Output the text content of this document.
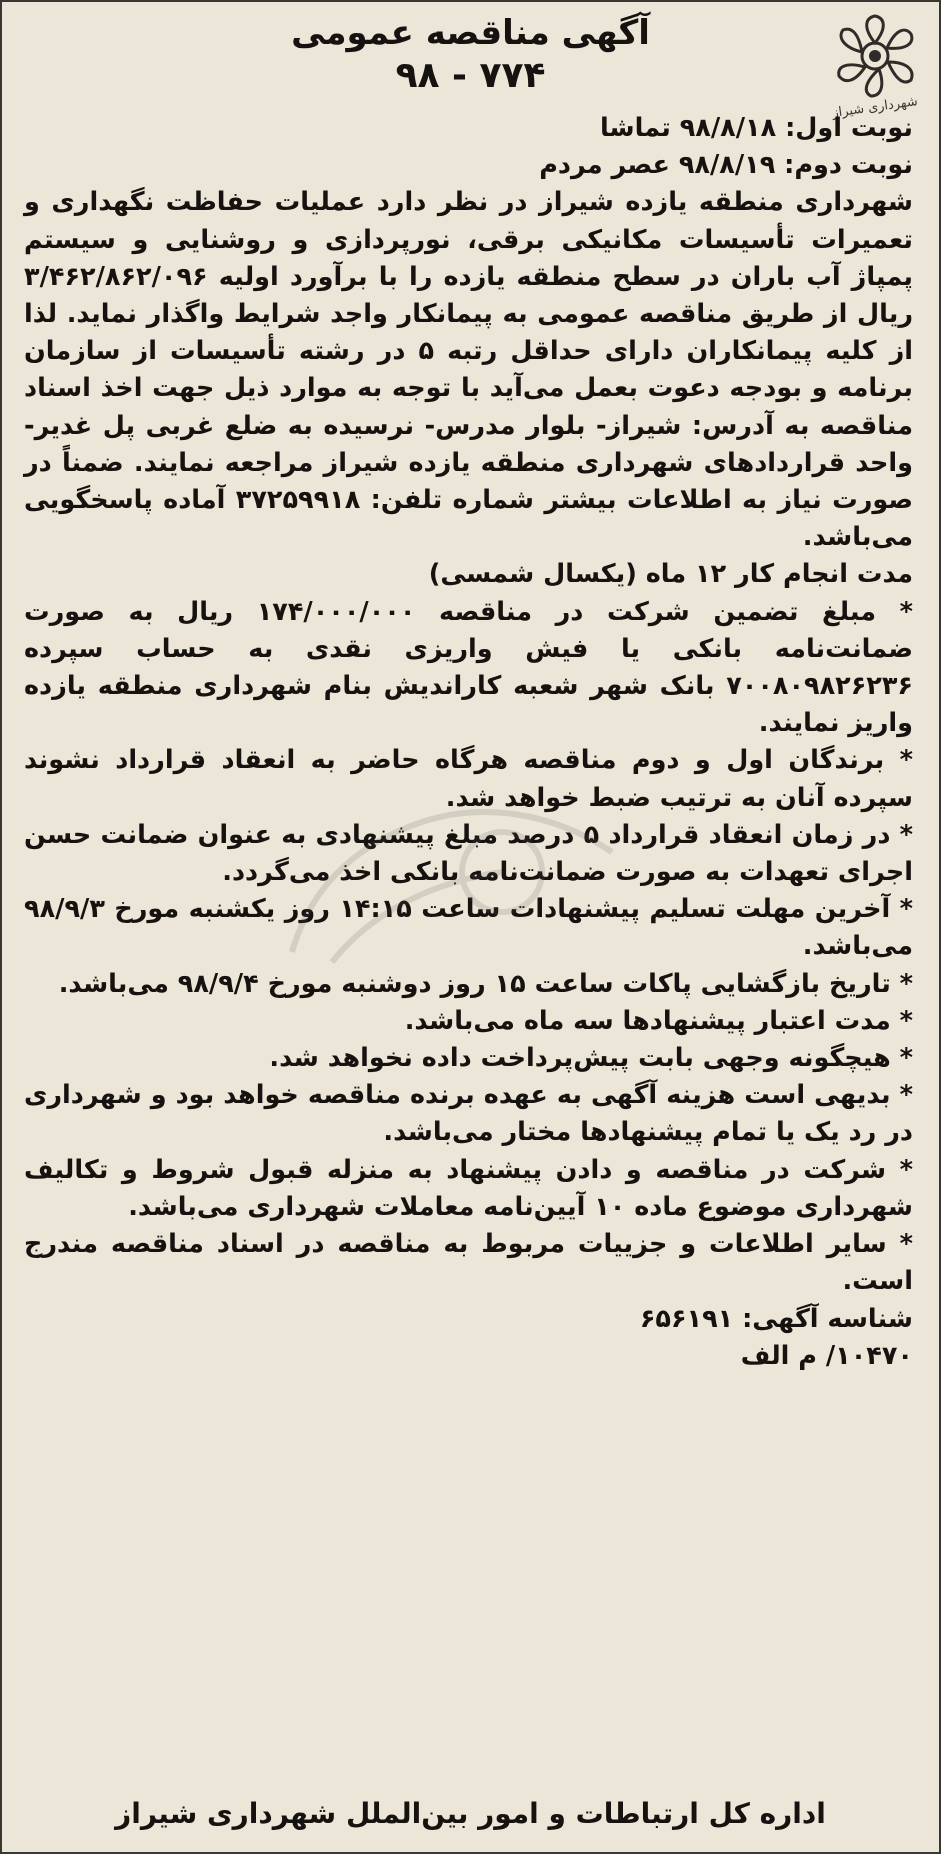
شهرداری شیراز
آگهی مناقصه عمومی
۹۸ - ۷۷۴

نوبت اول: ۹۸/۸/۱۸ تماشا

نوبت دوم: ۹۸/۸/۱۹ عصر مردم

شهرداری منطقه یازده شیراز در نظر دارد عملیات حفاظت نگهداری و تعمیرات تأسیسات مکانیکی برقی، نورپردازی و روشنایی و سیستم پمپاژ آب باران در سطح منطقه یازده را با برآورد اولیه ۳/۴۶۲/۸۶۲/۰۹۶ ریال از طریق مناقصه عمومی به پیمانکار واجد شرایط واگذار نماید. لذا از کلیه پیمانکاران دارای حداقل رتبه ۵ در رشته تأسیسات از سازمان برنامه و بودجه دعوت بعمل می‌آید با توجه به موارد ذیل جهت اخذ اسناد مناقصه به آدرس: شیراز- بلوار مدرس- نرسیده به ضلع غربی پل غدیر- واحد قراردادهای شهرداری منطقه یازده شیراز مراجعه نمایند. ضمناً در صورت نیاز به اطلاعات بیشتر شماره تلفن: ۳۷۲۵۹۹۱۸ آماده پاسخگویی می‌باشد.

مدت انجام کار ۱۲ ماه (یکسال شمسی)

* مبلغ تضمین شرکت در مناقصه ۱۷۴/۰۰۰/۰۰۰ ریال به صورت ضمانت‌نامه بانکی یا فیش واریزی نقدی به حساب سپرده ۷۰۰۸۰۹۸۲۶۲۳۶ بانک شهر شعبه کاراندیش بنام شهرداری منطقه یازده واریز نمایند.

* برندگان اول و دوم مناقصه هرگاه حاضر به انعقاد قرارداد نشوند سپرده آنان به ترتیب ضبط خواهد شد.

* در زمان انعقاد قرارداد ۵ درصد مبلغ پیشنهادی به عنوان ضمانت حسن اجرای تعهدات به صورت ضمانت‌نامه بانکی اخذ می‌گردد.

* آخرین مهلت تسلیم پیشنهادات ساعت ۱۴:۱۵ روز یکشنبه مورخ ۹۸/۹/۳ می‌باشد.

* تاریخ بازگشایی پاکات ساعت ۱۵ روز دوشنبه مورخ ۹۸/۹/۴ می‌باشد.

* مدت اعتبار پیشنهادها سه ماه می‌باشد.

* هیچگونه وجهی بابت پیش‌پرداخت داده نخواهد شد.

* بدیهی است هزینه آگهی به عهده برنده مناقصه خواهد بود و شهرداری در رد یک یا تمام پیشنهادها مختار می‌باشد.

* شرکت در مناقصه و دادن پیشنهاد به منزله قبول شروط و تکالیف شهرداری موضوع ماده ۱۰ آیین‌نامه معاملات شهرداری می‌باشد.

* سایر اطلاعات و جزییات مربوط به مناقصه در اسناد مناقصه مندرج است.

شناسه آگهی: ۶۵۶۱۹۱

۱۰۴۷۰/ م الف

اداره کل ارتباطات و امور بین‌الملل شهرداری شیراز
